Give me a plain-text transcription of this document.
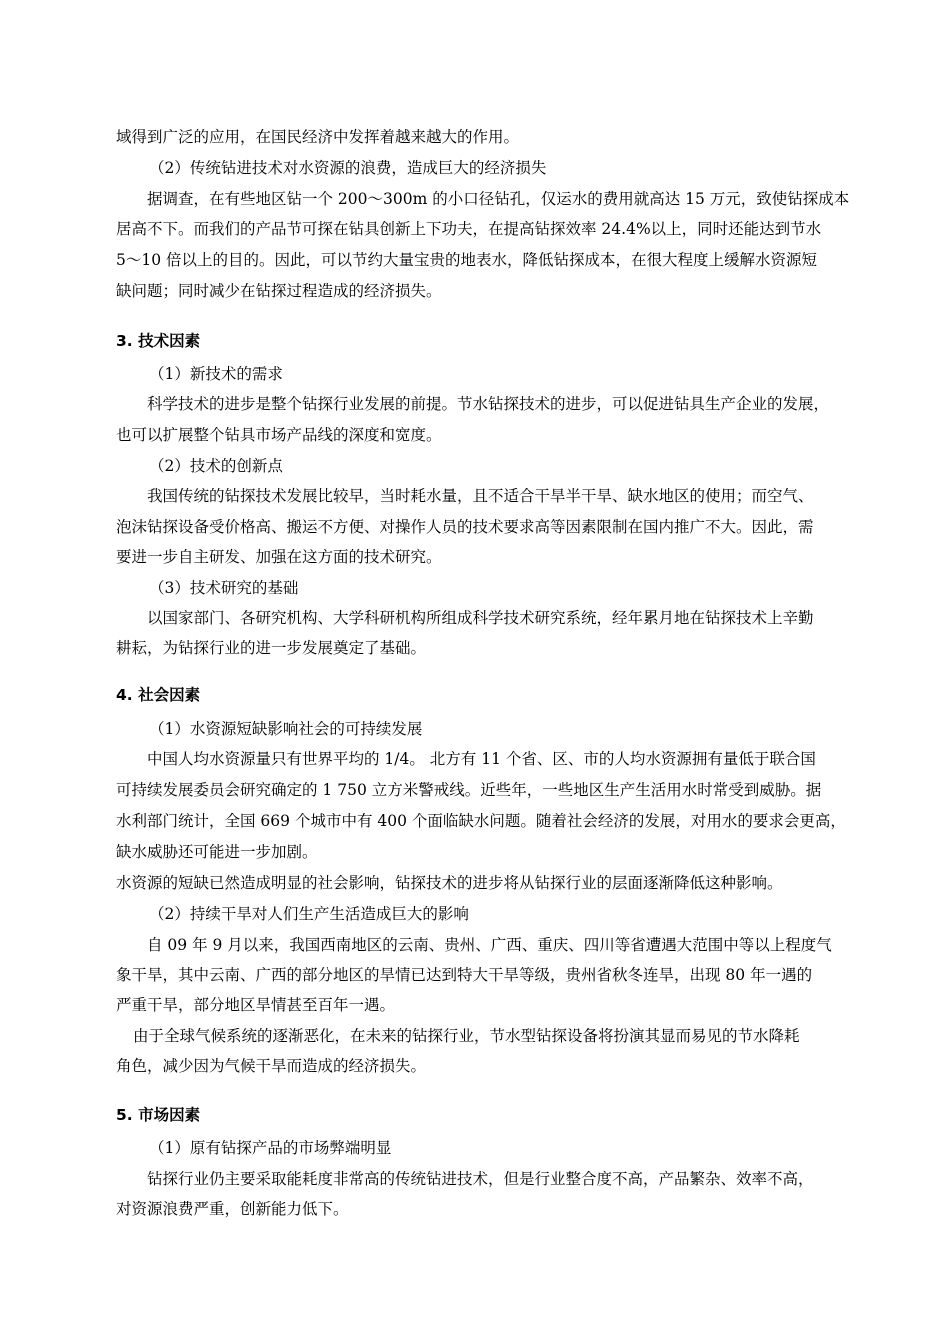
域得到广泛的应用，在国民经济中发挥着越来越大的作用。
（2）传统钻进技术对水资源的浪费，造成巨大的经济损失
据调查，在有些地区钻一个 200～300m 的小口径钻孔，仅运水的费用就高达 15 万元，致使钻探成本
居高不下。而我们的产品节可探在钻具创新上下功夫，在提高钻探效率 24.4%以上，同时还能达到节水
5～10 倍以上的目的。因此，可以节约大量宝贵的地表水，降低钻探成本，在很大程度上缓解水资源短
缺问题；同时减少在钻探过程造成的经济损失。
3. 技术因素
（1）新技术的需求
科学技术的进步是整个钻探行业发展的前提。节水钻探技术的进步，可以促进钻具生产企业的发展，
也可以扩展整个钻具市场产品线的深度和宽度。
（2）技术的创新点
我国传统的钻探技术发展比较早，当时耗水量，且不适合干旱半干旱、缺水地区的使用；而空气、
泡沫钻探设备受价格高、搬运不方便、对操作人员的技术要求高等因素限制在国内推广不大。因此，需
要进一步自主研发、加强在这方面的技术研究。
（3）技术研究的基础
以国家部门、各研究机构、大学科研机构所组成科学技术研究系统，经年累月地在钻探技术上辛勤
耕耘，为钻探行业的进一步发展奠定了基础。
4. 社会因素
（1）水资源短缺影响社会的可持续发展
中国人均水资源量只有世界平均的 1/4。 北方有 11 个省、区、市的人均水资源拥有量低于联合国
可持续发展委员会研究确定的 1 750 立方米警戒线。近些年，一些地区生产生活用水时常受到威胁。据
水利部门统计，全国 669 个城市中有 400 个面临缺水问题。随着社会经济的发展，对用水的要求会更高，
缺水威胁还可能进一步加剧。
水资源的短缺已然造成明显的社会影响，钻探技术的进步将从钻探行业的层面逐渐降低这种影响。
（2）持续干旱对人们生产生活造成巨大的影响
自 09 年 9 月以来，我国西南地区的云南、贵州、广西、重庆、四川等省遭遇大范围中等以上程度气
象干旱，其中云南、广西的部分地区的旱情已达到特大干旱等级，贵州省秋冬连旱，出现 80 年一遇的
严重干旱，部分地区旱情甚至百年一遇。
由于全球气候系统的逐渐恶化，在未来的钻探行业，节水型钻探设备将扮演其显而易见的节水降耗
角色，减少因为气候干旱而造成的经济损失。
5. 市场因素
（1）原有钻探产品的市场弊端明显
钻探行业仍主要采取能耗度非常高的传统钻进技术，但是行业整合度不高，产品繁杂、效率不高，
对资源浪费严重，创新能力低下。
